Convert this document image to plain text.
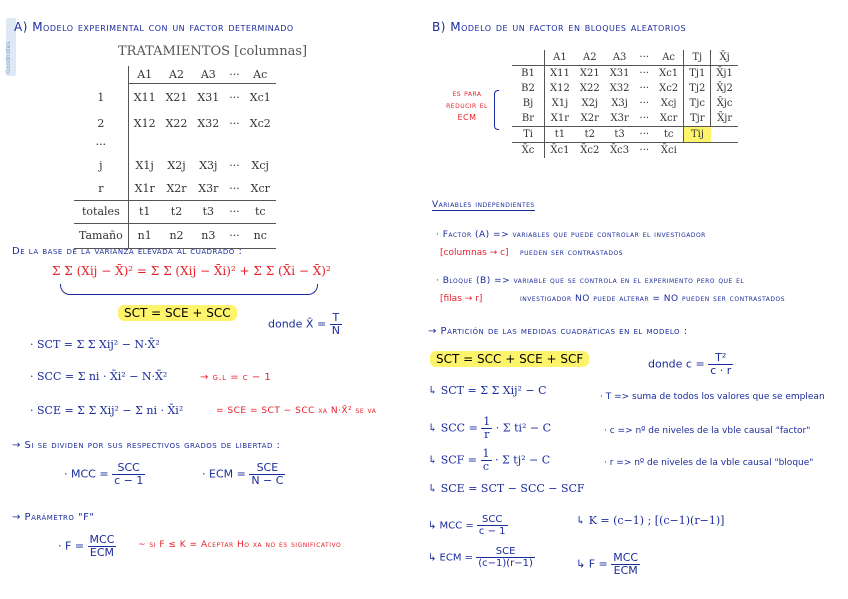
Goodnotes
A) Modelo experimental con un factor determinado
TRATAMIENTOS [columnas]
	A1	A2	A3	···	Ac
1	X11	X21	X31	···	Xc1
2	X12	X22	X32	···	Xc2
···					
j	X1j	X2j	X3j	···	Xcj
r	X1r	X2r	X3r	···	Xcr
totales	t1	t2	t3	···	tc
Tamaño	n1	n2	n3	···	nc
De la base de la varianza elevada al cuadrado :
Σ Σ (Xij − X̄)² = Σ Σ (Xij − X̄i)² + Σ Σ (X̄i − X̄)²
SCT = SCE + SCC
donde X̄ = $\frac{T}{N}$
· SCT = Σ Σ Xij² − N·X̄²
· SCC = Σ ni · X̄i² − N·X̄²	→ g.l = c − 1
· SCE = Σ Σ Xij² − Σ ni · X̄i²	= SCE = SCT − SCC xa N·X̄² se va
→ Si se dividen por sus respectivos grados de libertad :
· MCC = $\frac{\text{SCC}}{c - 1}$	· ECM = $\frac{\text{SCE}}{N - C}$
→ Parámetro "F"
· $F = \frac{\text{MCC}}{\text{ECM}}$ ~ si F ≤ K = Aceptar Ho xa no es significativo
B) Modelo de un factor en bloques aleatorios
es para reducir el ECM
	A1	A2	A3	···	Ac	Tj	X̄j
B1	X11	X21	X31	···	Xc1	Tj1	X̄j1
B2	X12	X22	X32	···	Xc2	Tj2	X̄j2
Bj	X1j	X2j	X3j	···	Xcj	Tjc	X̄jc
Br	X1r	X2r	X3r	···	Xcr	Tjr	X̄jr
Ti	t1	t2	t3	···	tc	Tij	
X̄c	X̄c1	X̄c2	X̄c3	···	X̄ci		
Variables independientes
· Factor (A) => variables que puede controlar el investigador
[columnas → c] pueden ser contrastados
· Bloque (B) => variable que se controla en el experimento pero que el
[filas → r]	investigador NO puede alterar = NO pueden ser contrastados
→ Partición de las medidas cuadráticas en el modelo :
SCT = SCC + SCE + SCF	donde $c = \frac{\text{T²}}{c \cdot r}$
↳ SCT = Σ Σ Xij² − C
↳ SCC = $\frac{1}{r} \cdot \Sigma$ ti² − C
↳ SCF = $\frac{1}{c} \cdot \Sigma$ tj² − C
↳ SCE = SCT − SCC − SCF
· T => suma de todos los valores que se emplean
· c => nº de niveles de la vble causal "factor"
· r => nº de niveles de la vble causal "bloque"
↳ MCC = $\frac{\text{SCC}}{c - 1}$
↳ ECM = $\frac{\text{SCE}}{(c-1)(r-1)}$
↳ K = (c−1) ; [(c−1)(r−1)]
↳ $F = \frac{\text{MCC}}{\text{ECM}}$
